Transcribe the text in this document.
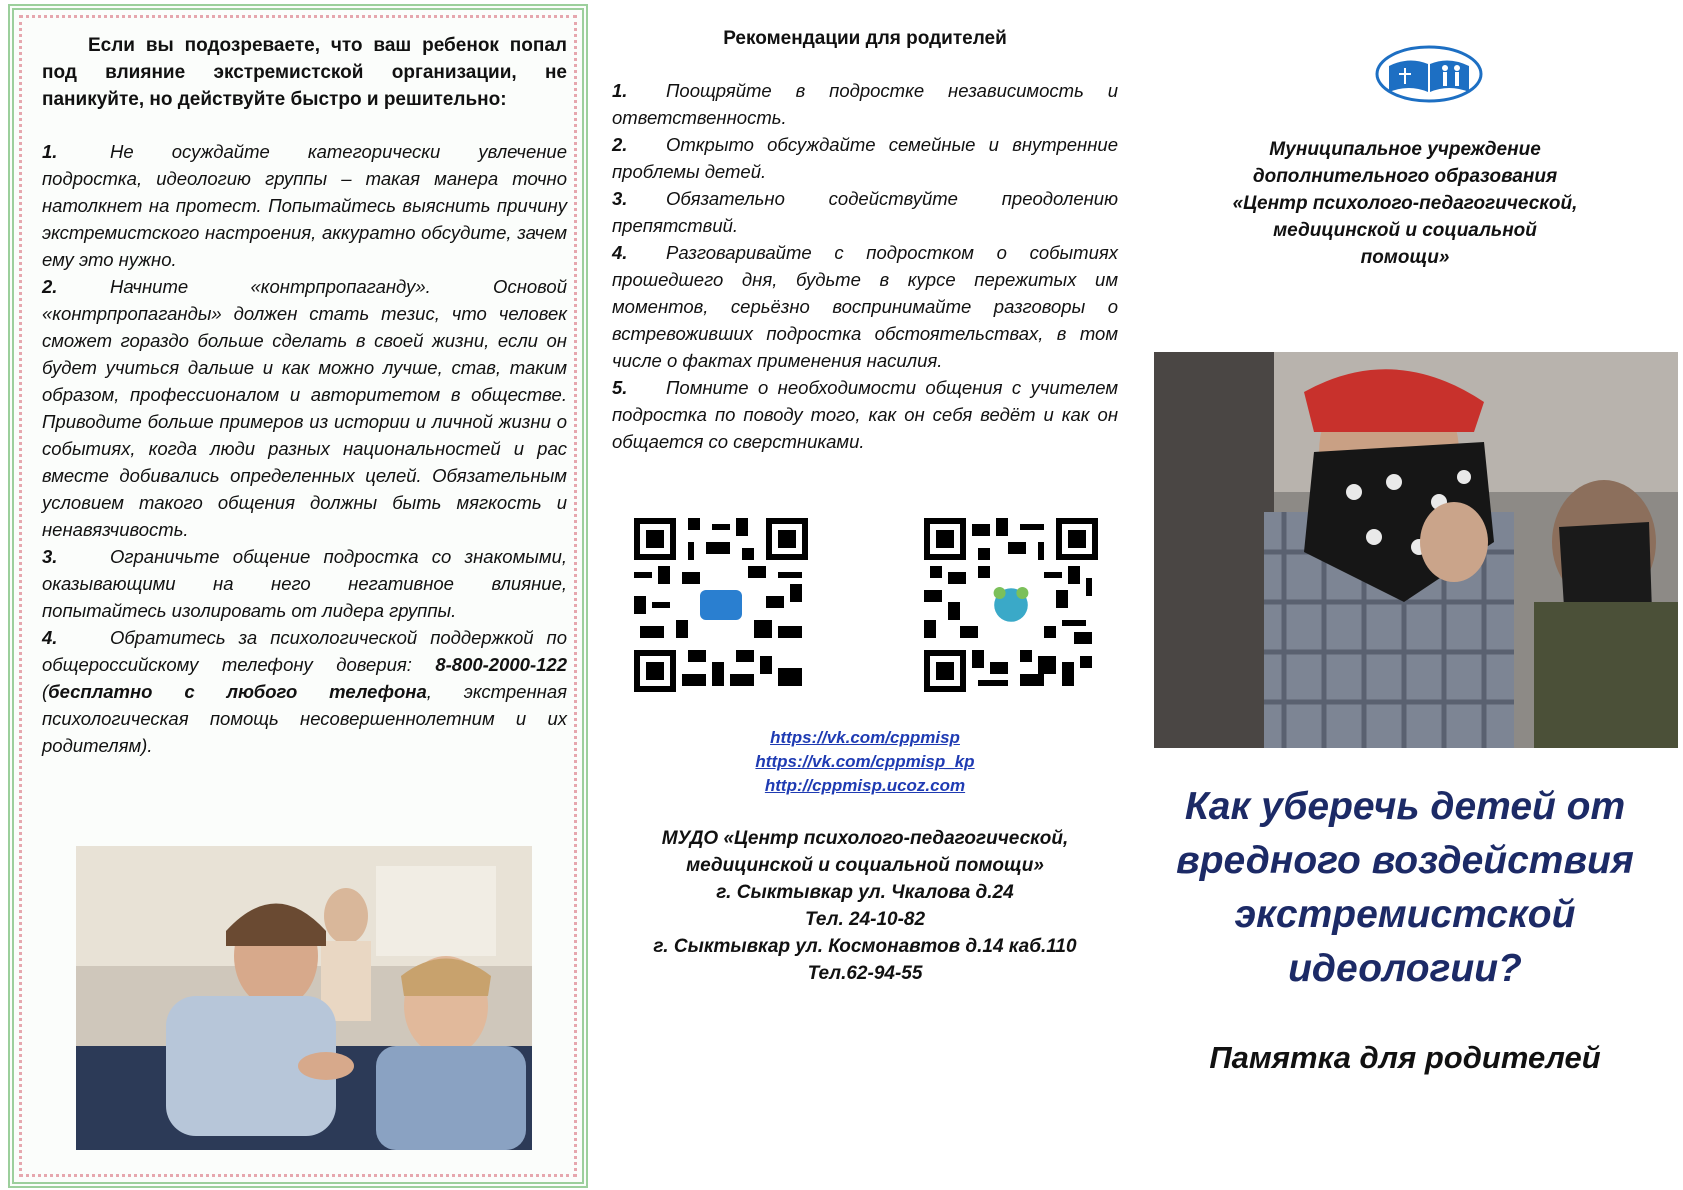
Если вы подозреваете, что ваш ребенок попал под влияние экстремистской организации, не паникуйте, но действуйте быстро и решительно:

1.	Не осуждайте категорически увлечение подростка, идеологию группы – такая манера точно натолкнет на протест. Попытайтесь выяснить причину экстремистского настроения, аккуратно обсудите, зачем ему это нужно.
2.	Начните «контрпропаганду». Основой «контрпропаганды» должен стать тезис, что человек сможет гораздо больше сделать в своей жизни, если он будет учиться дальше и как можно лучше, став, таким образом, профессионалом и авторитетом в обществе. Приводите больше примеров из истории и личной жизни о событиях, когда люди разных национальностей и рас вместе добивались определенных целей. Обязательным условием такого общения должны быть мягкость и ненавязчивость.
3.	Ограничьте общение подростка со знакомыми, оказывающими на него негативное влияние, попытайтесь изолировать от лидера группы.
4.	Обратитесь за психологической поддержкой по общероссийскому телефону доверия: 8-800-2000-122 (бесплатно с любого телефона, экстренная психологическая помощь несовершеннолетним и их родителям).
Рекомендации для родителей
1. Поощряйте в подростке независимость и ответственность.
2. Открыто обсуждайте семейные и внутренние проблемы детей.
3. Обязательно содействуйте преодолению препятствий.
4. Разговаривайте с подростком о событиях прошедшего дня, будьте в курсе пережитых им моментов, серьёзно воспринимайте разговоры о встревоживших подростка обстоятельствах, в том числе о фактах применения насилия.
5. Помните о необходимости общения с учителем подростка по поводу того, как он себя ведёт и как он общается со сверстниками.
https://vk.com/cppmisp
https://vk.com/cppmisp_kp
http://cppmisp.ucoz.com
МУДО «Центр психолого-педагогической,
медицинской и социальной помощи»
г. Сыктывкар ул. Чкалова д.24
Тел. 24-10-82
г. Сыктывкар ул. Космонавтов д.14 каб.110
Тел.62-94-55
Муниципальное учреждение
дополнительного образования
«Центр психолого-педагогической,
медицинской и социальной
помощи»
Как уберечь детей от
вредного воздействия
экстремистской
идеологии?
Памятка для родителей
